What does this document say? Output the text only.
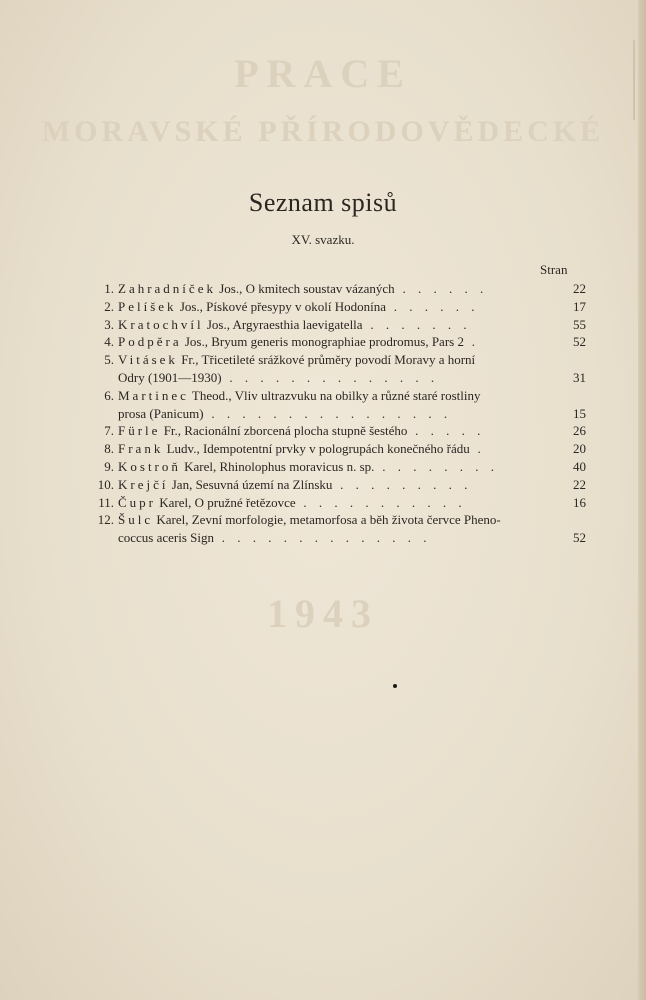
PRACE
MORAVSKÉ PŘÍRODOVĚDECKÉ
1943
Seznam spisů
XV. svazku.
Stran
1. Zahradníček Jos., O kmitech soustav vázaných . . . . . .	22
2. Pelíšek Jos., Pískové přesypy v okolí Hodonína . . . . . .	17
3. Kratochvíl Jos., Argyraesthia laevigatella . . . . . . .	55
4. Podpěra Jos., Bryum generis monographiae prodromus, Pars 2 .	52
5. Vitásek Fr., Třicetileté srážkové průměry povodí Moravy a horní
Odry (1901—1930) . . . . . . . . . . . . . .	31
6. Martinec Theod., Vliv ultrazvuku na obilky a různé staré rostliny
prosa (Panicum) . . . . . . . . . . . . . . . .	15
7. Fürle Fr., Racionální zborcená plocha stupně šestého . . . . .	26
8. Frank Ludv., Idempotentní prvky v pologrupách konečného řádu .	20
9. Kostroň Karel, Rhinolophus moravicus n. sp. . . . . . . . .	40
10. Krejčí Jan, Sesuvná území na Zlínsku . . . . . . . . .	22
11. Čupr Karel, O pružné řetězovce . . . . . . . . . . .	16
12. Šulc Karel, Zevní morfologie, metamorfosa a běh života červce Pheno-
coccus aceris Sign . . . . . . . . . . . . . .	52
